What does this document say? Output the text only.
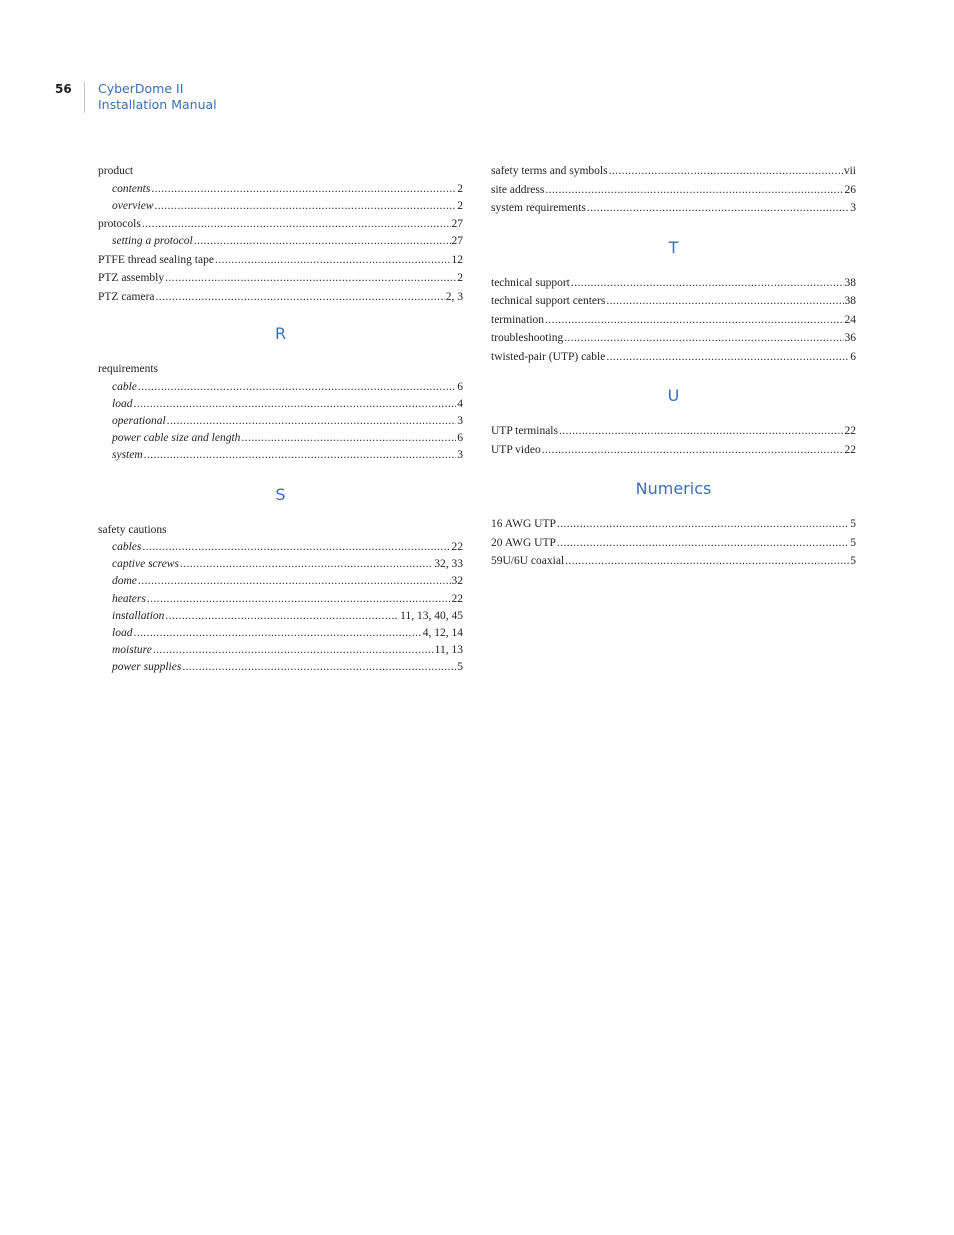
56 CyberDome II
Installation Manual
product
contents .....	2
overview .....	2
protocols .....	27
setting a protocol .....	27
PTFE thread sealing tape .....	12
PTZ assembly .....	2
PTZ camera .....	2, 3
R
requirements
cable .....	6
load .....	4
operational .....	3
power cable size and length .....	6
system .....	3
S
safety cautions
cables .....	22
captive screws .....	32, 33
dome .....	32
heaters .....	22
installation .....	11, 13, 40, 45
load .....	4, 12, 14
moisture .....	11, 13
power supplies .....	5
safety terms and symbols .....	vii
site address .....	26
system requirements .....	3
T
technical support .....	38
technical support centers .....	38
termination .....	24
troubleshooting .....	36
twisted-pair (UTP) cable .....	6
U
UTP terminals .....	22
UTP video .....	22
Numerics
16 AWG UTP .....	5
20 AWG UTP .....	5
59U/6U coaxial .....	5
